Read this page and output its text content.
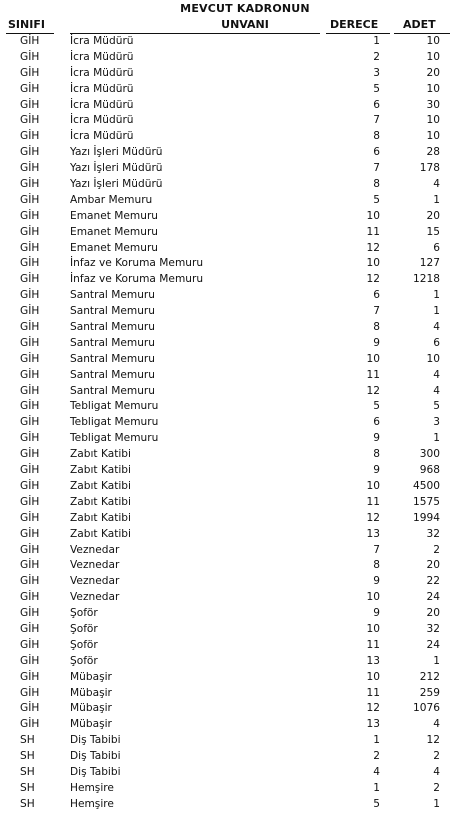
MEVCUT KADRONUN
SINIFI	UNVANI	DERECE ADET
GİH	İcra Müdürü	1	10
GİH	İcra Müdürü	2	10
GİH	İcra Müdürü	3	20
GİH	İcra Müdürü	5	10
GİH	İcra Müdürü	6	30
GİH	İcra Müdürü	7	10
GİH	İcra Müdürü	8	10
GİH	Yazı İşleri Müdürü	6	28
GİH	Yazı İşleri Müdürü	7	178
GİH	Yazı İşleri Müdürü	8	4
GİH	Ambar Memuru	5	1
GİH	Emanet Memuru	10	20
GİH	Emanet Memuru	11	15
GİH	Emanet Memuru	12	6
GİH	İnfaz ve Koruma Memuru	10	127
GİH	İnfaz ve Koruma Memuru	12	1218
GİH	Santral Memuru	6	1
GİH	Santral Memuru	7	1
GİH	Santral Memuru	8	4
GİH	Santral Memuru	9	6
GİH	Santral Memuru	10	10
GİH	Santral Memuru	11	4
GİH	Santral Memuru	12	4
GİH	Tebligat Memuru	5	5
GİH	Tebligat Memuru	6	3
GİH	Tebligat Memuru	9	1
GİH	Zabıt Katibi	8	300
GİH	Zabıt Katibi	9	968
GİH	Zabıt Katibi	10	4500
GİH	Zabıt Katibi	11	1575
GİH	Zabıt Katibi	12	1994
GİH	Zabıt Katibi	13	32
GİH	Veznedar	7	2
GİH	Veznedar	8	20
GİH	Veznedar	9	22
GİH	Veznedar	10	24
GİH	Şoför	9	20
GİH	Şoför	10	32
GİH	Şoför	11	24
GİH	Şoför	13	1
GİH	Mübaşir	10	212
GİH	Mübaşir	11	259
GİH	Mübaşir	12	1076
GİH	Mübaşir	13	4
SH	Diş Tabibi	1	12
SH	Diş Tabibi	2	2
SH	Diş Tabibi	4	4
SH	Hemşire	1	2
SH	Hemşire	5	1
